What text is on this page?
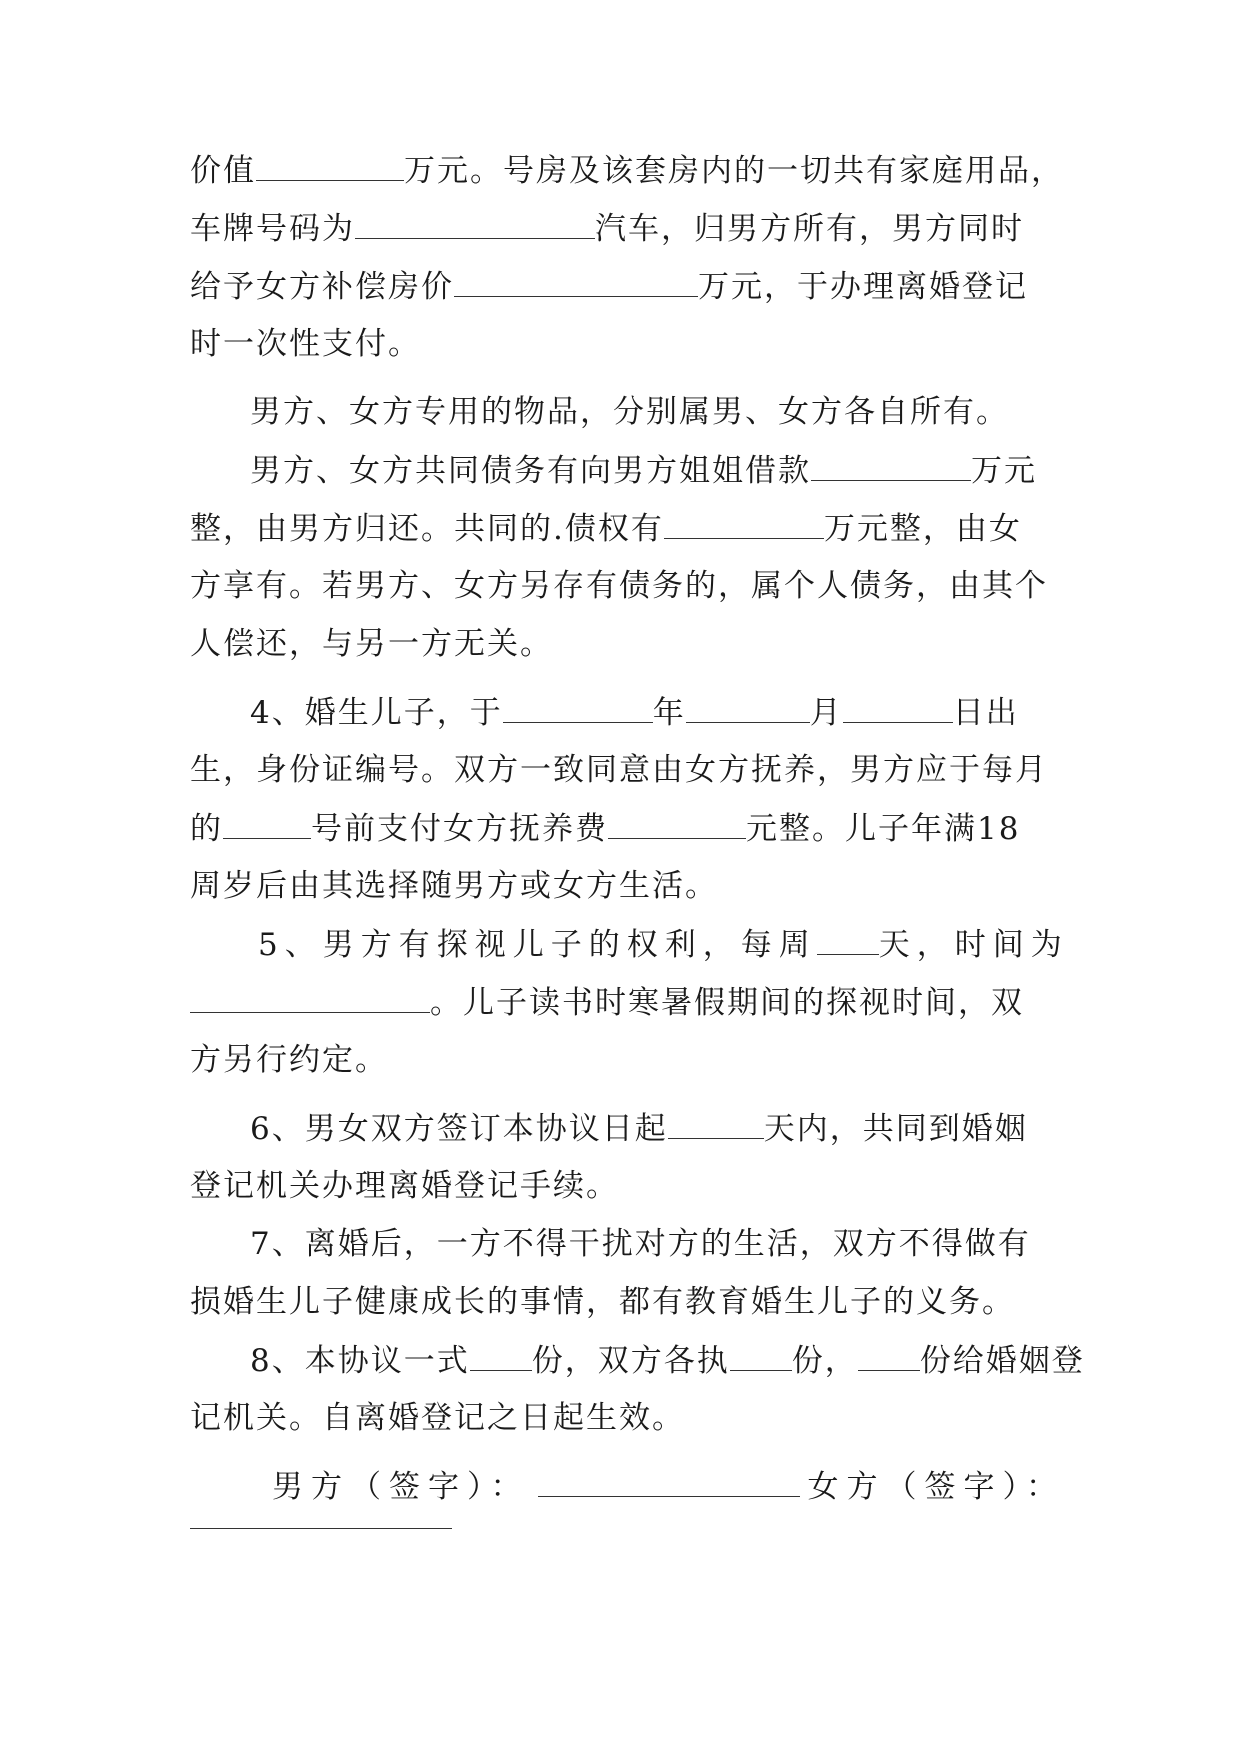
价值	万元。号房及该套房内的一切共有家庭用品，
车牌号码为	汽车，归男方所有，男方同时
给予女方补偿房价	万元，于办理离婚登记
时一次性支付。
男方、女方专用的物品，分别属男、女方各自所有。
男方、女方共同债务有向男方姐姐借款	万元
整，由男方归还。共同的.债权有	万元整，由女
方享有。若男方、女方另存有债务的，属个人债务，由其个
人偿还，与另一方无关。
4、婚生儿子，于	年	月	日出
生，身份证编号。双方一致同意由女方抚养，男方应于每月
的	号前支付女方抚养费	元整。儿子年满18
周岁后由其选择随男方或女方生活。
5、男方有探视儿子的权利，每周 天，时间为
。儿子读书时寒暑假期间的探视时间，双
方另行约定。
6、男女双方签订本协议日起	天内，共同到婚姻
登记机关办理离婚登记手续。
7、离婚后，一方不得干扰对方的生活，双方不得做有
损婚生儿子健康成长的事情，都有教育婚生儿子的义务。
8、本协议一式 份，双方各执 份， 份给婚姻登
记机关。自离婚登记之日起生效。
男方（签字）：	女方（签字）：
